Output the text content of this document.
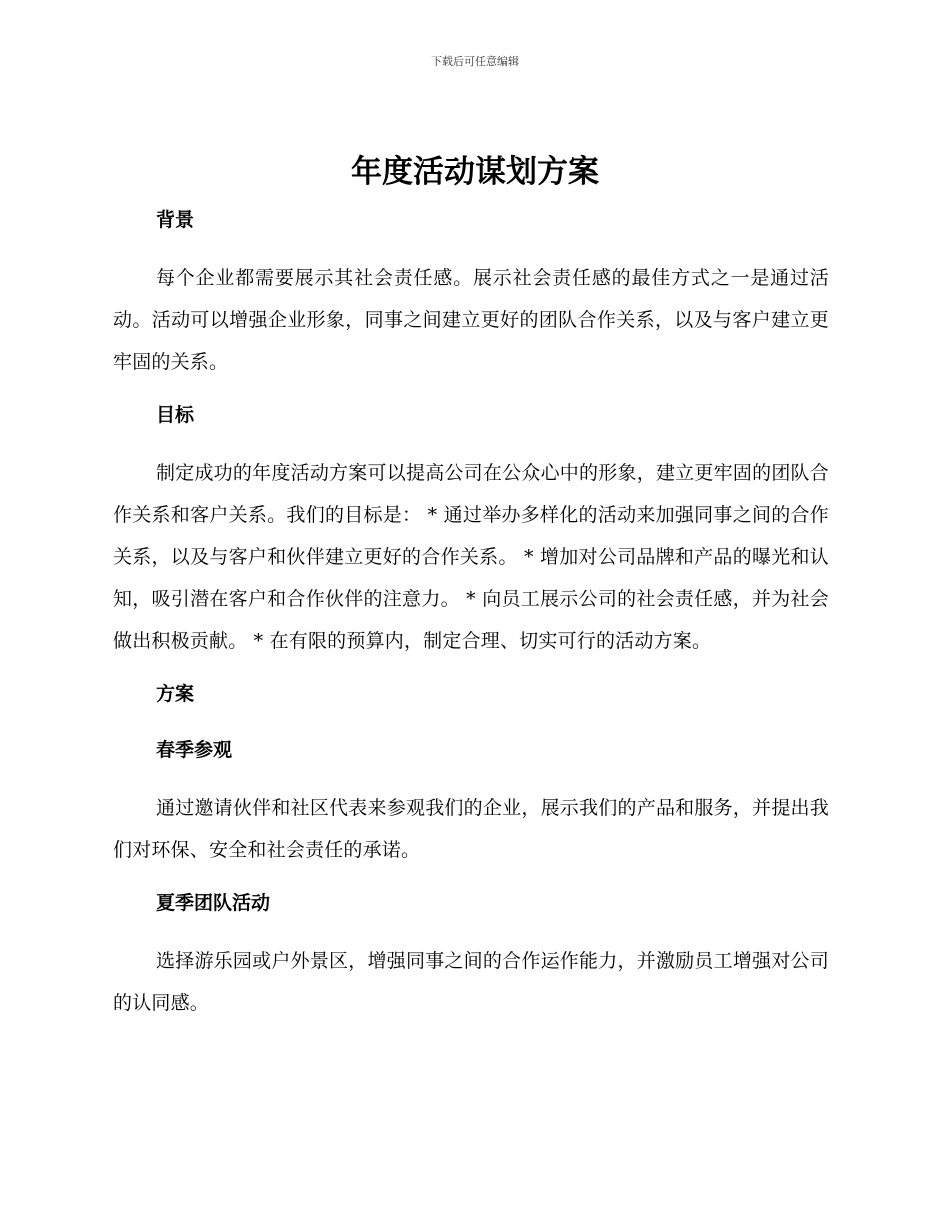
下载后可任意编辑
年度活动谋划方案
背景

每个企业都需要展示其社会责任感。展示社会责任感的最佳方式之一是通过活动。活动可以增强企业形象，同事之间建立更好的团队合作关系，以及与客户建立更牢固的关系。

目标

制定成功的年度活动方案可以提高公司在公众心中的形象，建立更牢固的团队合作关系和客户关系。我们的目标是： * 通过举办多样化的活动来加强同事之间的合作关系，以及与客户和伙伴建立更好的合作关系。 * 增加对公司品牌和产品的曝光和认知，吸引潜在客户和合作伙伴的注意力。 * 向员工展示公司的社会责任感，并为社会做出积极贡献。 * 在有限的预算内，制定合理、切实可行的活动方案。

方案
春季参观

通过邀请伙伴和社区代表来参观我们的企业，展示我们的产品和服务，并提出我们对环保、安全和社会责任的承诺。

夏季团队活动

选择游乐园或户外景区，增强同事之间的合作运作能力，并激励员工增强对公司的认同感。
